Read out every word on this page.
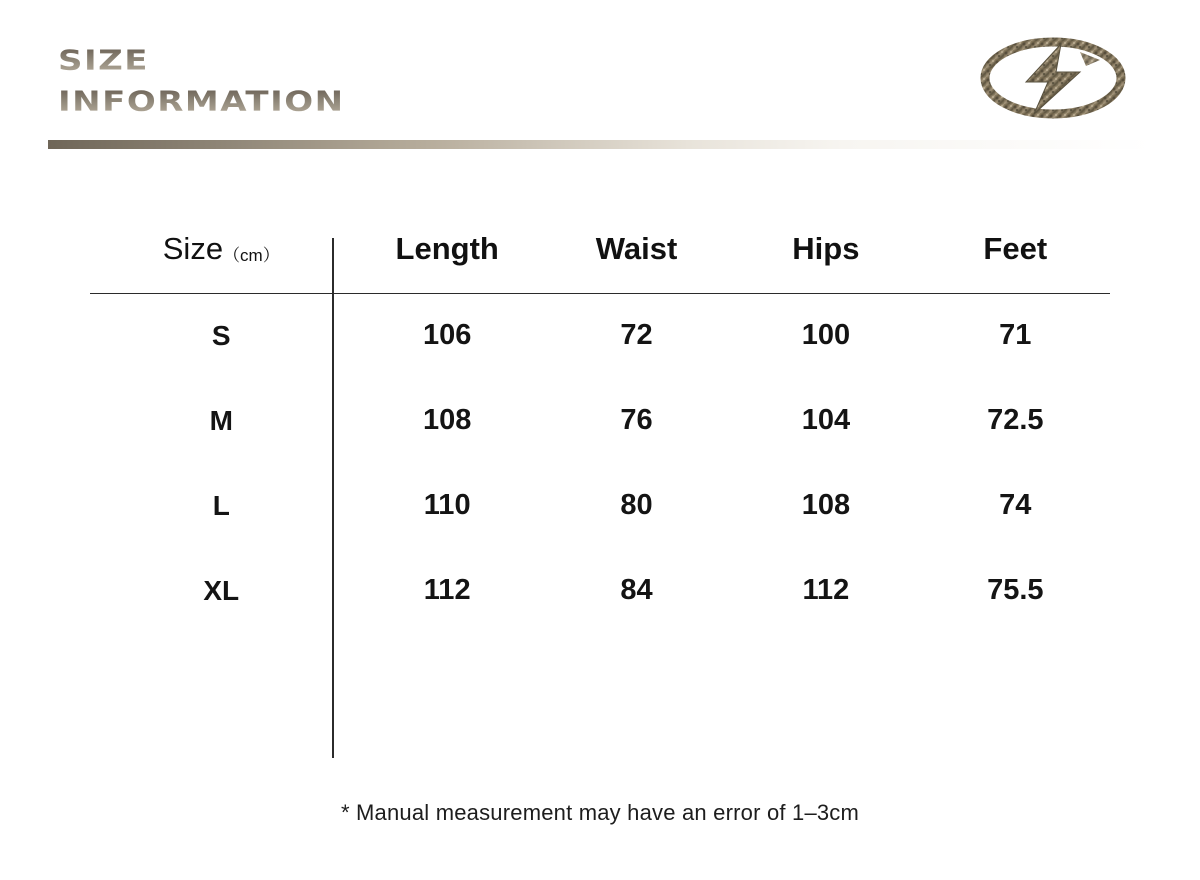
SIZE
INFORMATION
Size（cm）	Length	Waist	Hips	Feet
S	106	72	100	71
M	108	76	104	72.5
L	110	80	108	74
XL	112	84	112	75.5
* Manual measurement may have an error of 1–3cm
